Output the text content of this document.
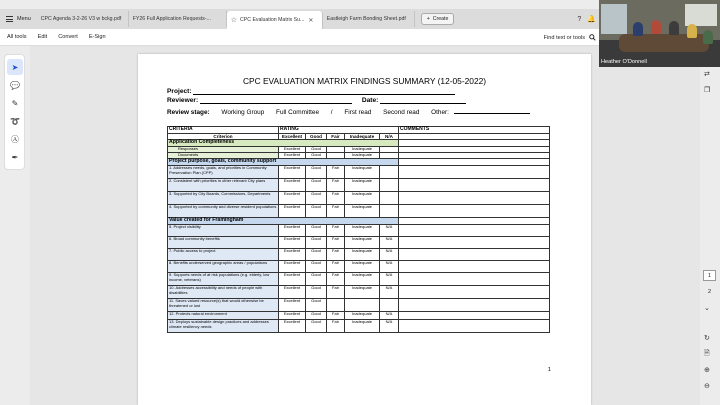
Menu CPC Agenda 3-2-26 V3 w bckg.pdf FY26 Full Application Requests-...	☆ CPC Evaluation Matrix Su... ✕	Eastleigh Farm Bonding Sheet.pdf	+ Create	? 🔔
All tools Edit Convert E-Sign	Find text or tools
➤
💬
✎
➰
Ⓐ
✒
CPC EVALUATION MATRIX FINDINGS SUMMARY (12-05-2022)
Project:
Reviewer:	Date:
Review stage: Working Group Full Committee / First read Second read Other:
CRITERIA	RATING					COMMENTS
Criterion	Excellent	Good	Fair	Inadequate	N/A	
Application Completeness						
Responses	Excellent	Good		Inadequate		
Documents	Excellent	Good		Inadequate		
Project purpose, goals, community support						
1. Addresses needs, goals, and priorities in Community Preservation Plan (CPP)	Excellent	Good	Fair	Inadequate		
2. Consistent with priorities in other relevant City plans	Excellent	Good	Fair	Inadequate		
3. Supported by City Boards, Commissions, Departments	Excellent	Good	Fair	Inadequate		
4. Supported by community and diverse resident populations	Excellent	Good	Fair	Inadequate		
Value created for Framingham						
5. Project visibility	Excellent	Good	Fair	Inadequate	N/A	
6. Broad community benefits	Excellent	Good	Fair	Inadequate	N/A	
7. Public access to project	Excellent	Good	Fair	Inadequate	N/A	
8. Benefits underserved geographic areas / populations	Excellent	Good	Fair	Inadequate	N/A	
9. Supports needs of at risk populations (e.g. elderly, low income, veterans)	Excellent	Good	Fair	Inadequate	N/A	
10. Addresses accessibility and needs of people with disabilities	Excellent	Good	Fair	Inadequate	N/A	
11. Saves valued resource(s) that would otherwise be threatened or lost	Excellent	Good				
12. Protects natural environment	Excellent	Good	Fair	Inadequate	N/A	
13. Deploys sustainable design practices and addresses climate resiliency needs	Excellent	Good	Fair	Inadequate	N/A	
1
⇄
❐
1
2
⌄
↻
🗎
⊕
⊖
Heather O'Donnell
